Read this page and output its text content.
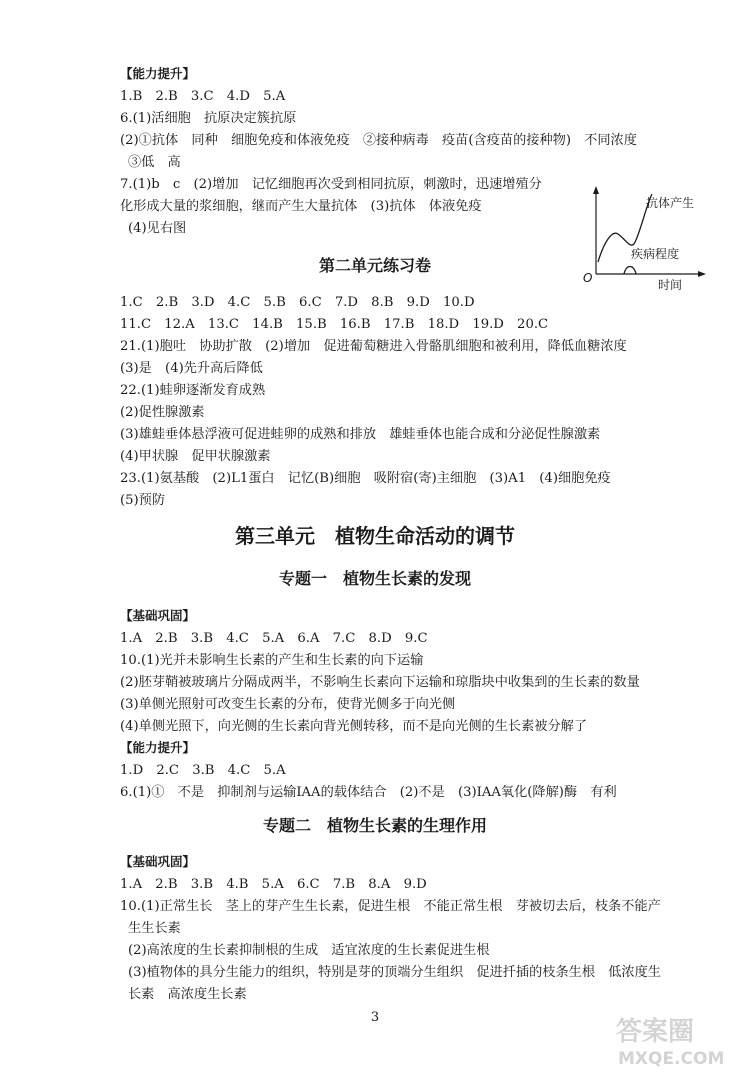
【能力提升】
1.B　2.B　3.C　4.D　5.A
6.(1)活细胞　抗原决定簇抗原
(2)①抗体　同种　细胞免疫和体液免疫　②接种病毒　疫苗(含疫苗的接种物)　不同浓度
③低　高
7.(1)b　c　(2)增加　记忆细胞再次受到相同抗原，刺激时，迅速增殖分
化形成大量的浆细胞，继而产生大量抗体　(3)抗体　体液免疫
(4)见右图
O	时间
抗体产生
疾病程度
第二单元练习卷
1.C　2.B　3.D　4.C　5.B　6.C　7.D　8.B　9.D　10.D
11.C　12.A　13.C　14.B　15.B　16.B　17.B　18.D　19.D　20.C
21.(1)胞吐　协助扩散　(2)增加　促进葡萄糖进入骨骼肌细胞和被利用，降低血糖浓度
(3)是　(4)先升高后降低
22.(1)蛙卵逐渐发育成熟
(2)促性腺激素
(3)雄蛙垂体悬浮液可促进蛙卵的成熟和排放　雄蛙垂体也能合成和分泌促性腺激素
(4)甲状腺　促甲状腺激素
23.(1)氨基酸　(2)L1蛋白　记忆(B)细胞　吸附宿(寄)主细胞　(3)A1　(4)细胞免疫
(5)预防
第三单元　植物生命活动的调节
专题一　植物生长素的发现
【基础巩固】
1.A　2.B　3.B　4.C　5.A　6.A　7.C　8.D　9.C
10.(1)光并未影响生长素的产生和生长素的向下运输
(2)胚芽鞘被玻璃片分隔成两半，不影响生长素向下运输和琼脂块中收集到的生长素的数量
(3)单侧光照射可改变生长素的分布，使背光侧多于向光侧
(4)单侧光照下，向光侧的生长素向背光侧转移，而不是向光侧的生长素被分解了
【能力提升】
1.D　2.C　3.B　4.C　5.A
6.(1)①　不是　抑制剂与运输IAA的载体结合　(2)不是　(3)IAA氧化(降解)酶　有利
专题二　植物生长素的生理作用
【基础巩固】
1.A　2.B　3.B　4.B　5.A　6.C　7.B　8.A　9.D
10.(1)正常生长　茎上的芽产生生长素，促进生根　不能正常生根　芽被切去后，枝条不能产
生生长素
(2)高浓度的生长素抑制根的生成　适宜浓度的生长素促进生根
(3)植物体的具分生能力的组织，特别是芽的顶端分生组织　促进扦插的枝条生根　低浓度生
长素　高浓度生长素
3	答案圈
MXQE.COM
